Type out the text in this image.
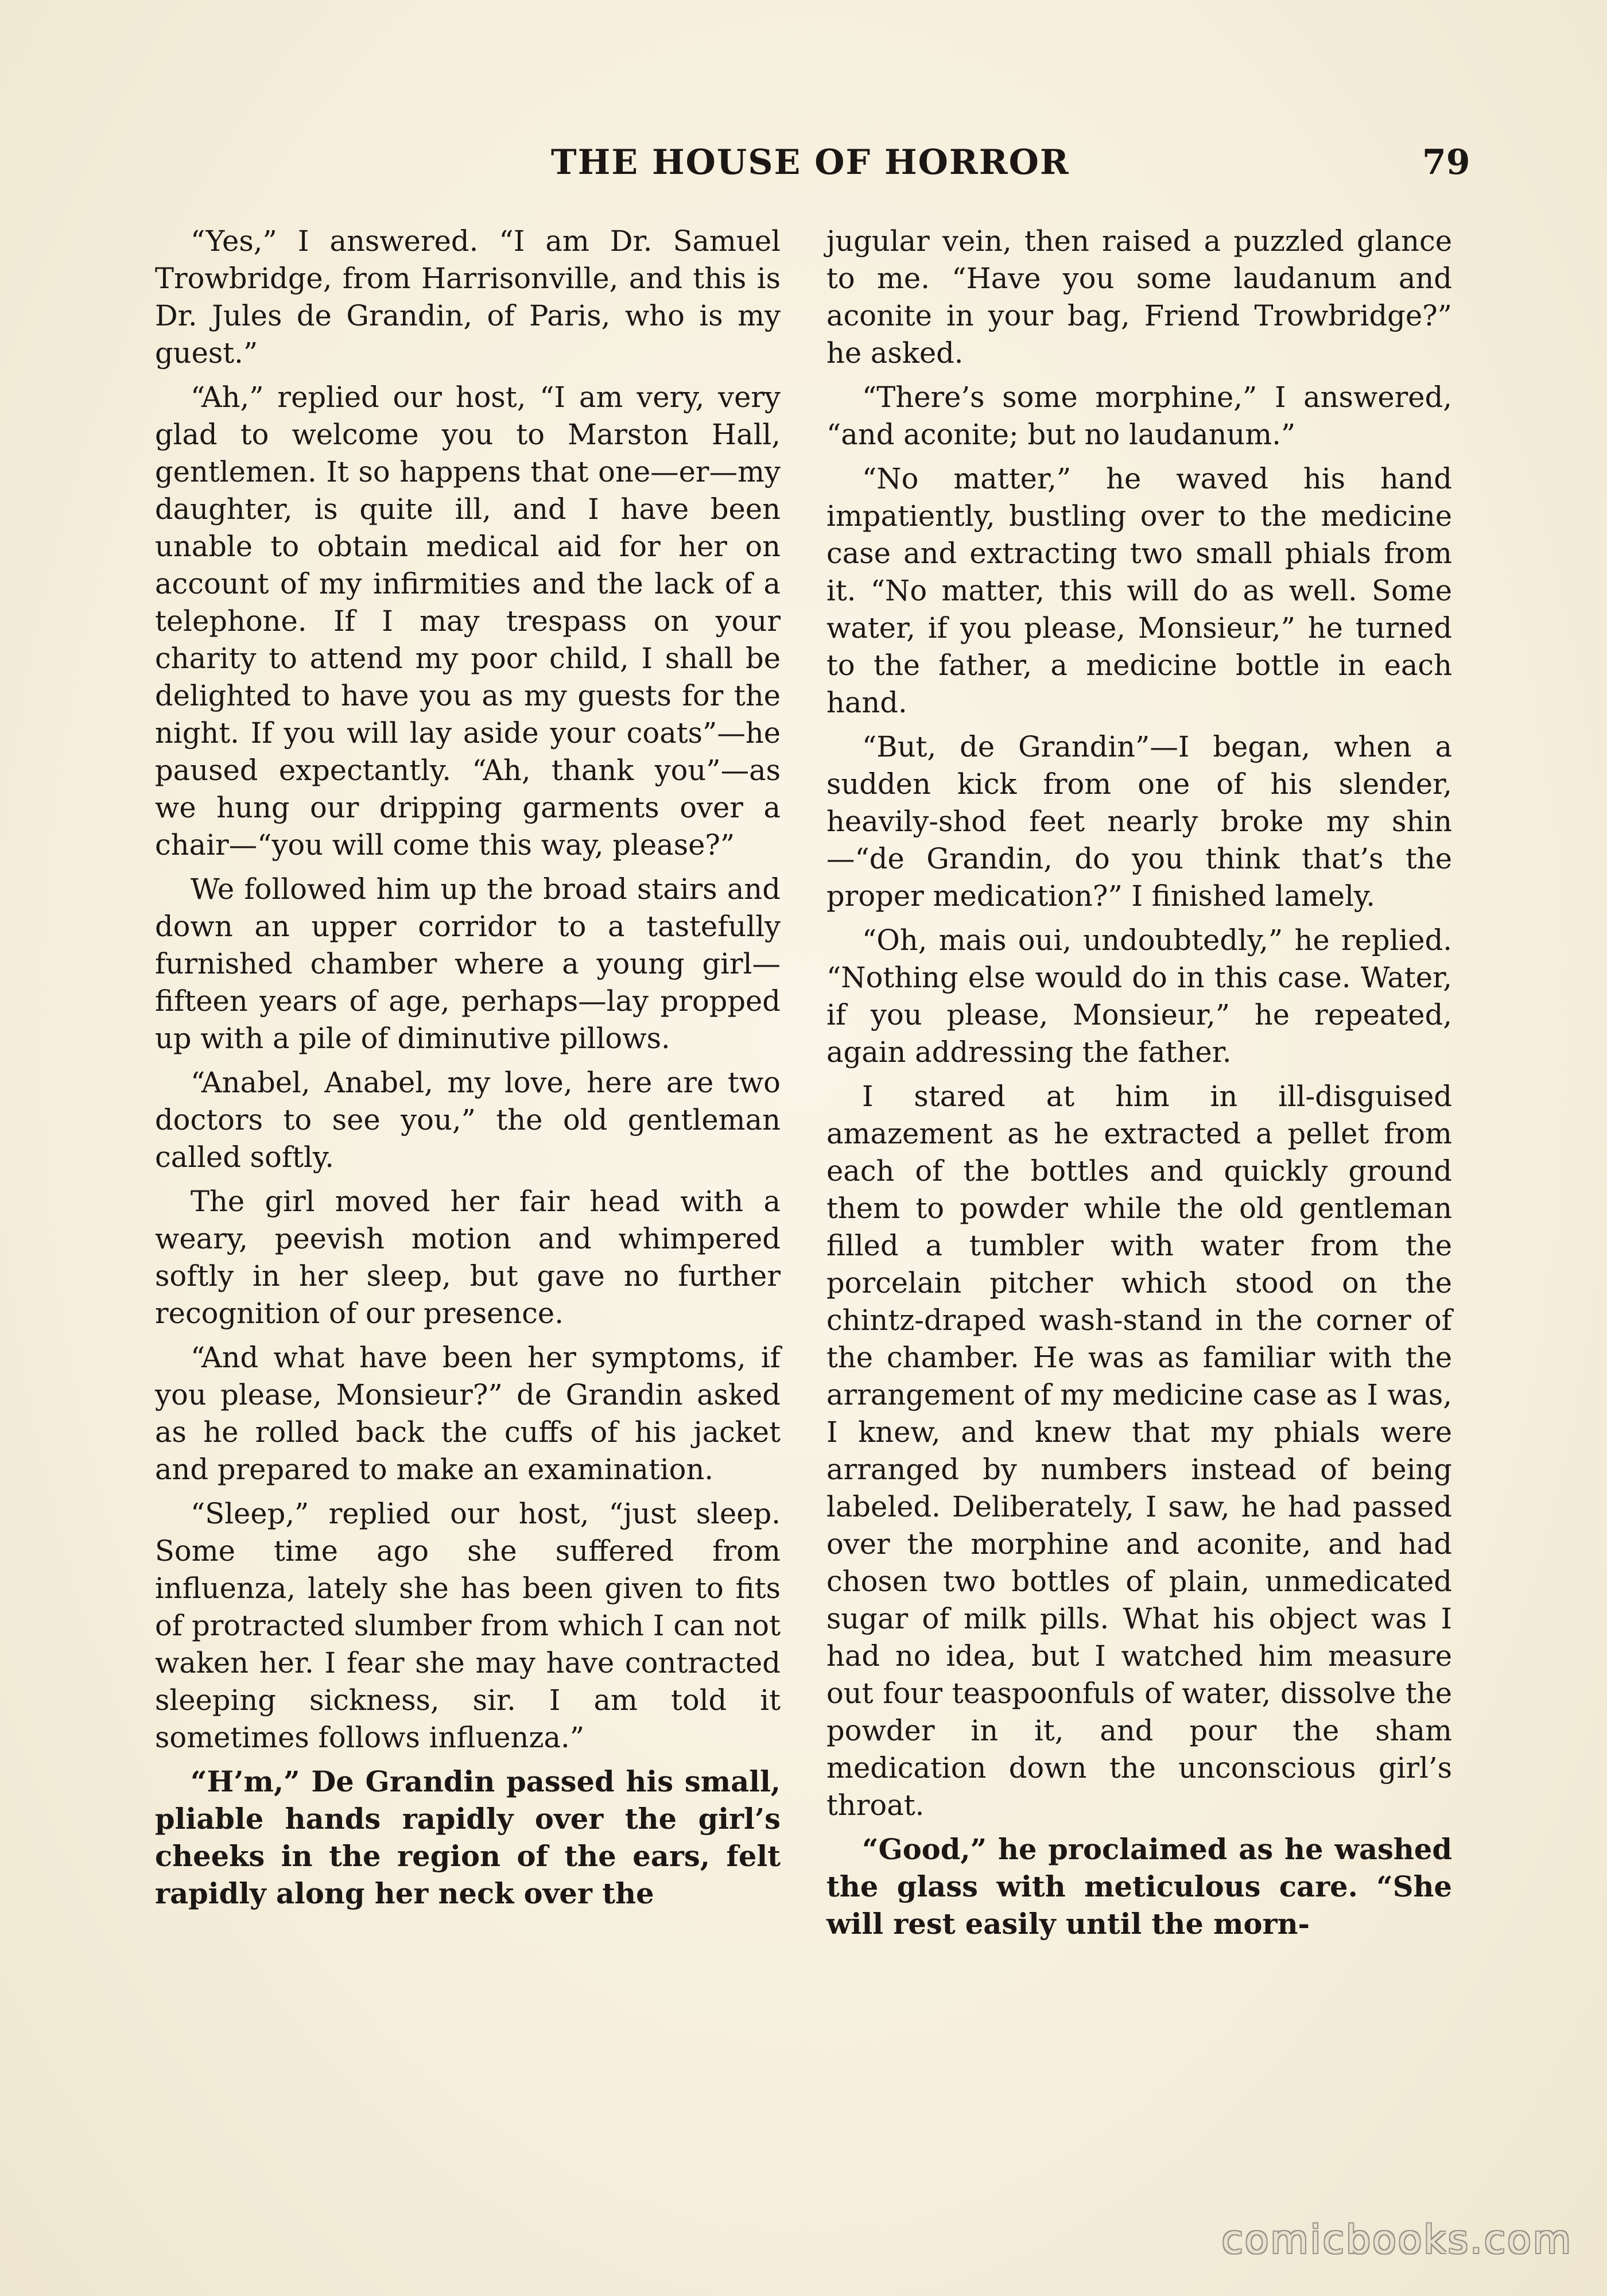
THE HOUSE OF HORROR	79

“Yes,” I answered. “I am Dr. Samuel Trowbridge, from Harrisonville, and this is Dr. Jules de Grandin, of Paris, who is my guest.”

“Ah,” replied our host, “I am very, very glad to welcome you to Marston Hall, gentlemen. It so happens that one—er—my daughter, is quite ill, and I have been unable to obtain medical aid for her on account of my infirmities and the lack of a telephone. If I may trespass on your charity to attend my poor child, I shall be delighted to have you as my guests for the night. If you will lay aside your coats”—he paused expectantly. “Ah, thank you”—as we hung our dripping garments over a chair—“you will come this way, please?”

We followed him up the broad stairs and down an upper corridor to a tastefully furnished chamber where a young girl—fifteen years of age, perhaps—lay propped up with a pile of diminutive pillows.

“Anabel, Anabel, my love, here are two doctors to see you,” the old gentleman called softly.

The girl moved her fair head with a weary, peevish motion and whimpered softly in her sleep, but gave no further recognition of our presence.

“And what have been her symptoms, if you please, Monsieur?” de Grandin asked as he rolled back the cuffs of his jacket and prepared to make an examination.

“Sleep,” replied our host, “just sleep. Some time ago she suffered from influenza, lately she has been given to fits of protracted slumber from which I can not waken her. I fear she may have contracted sleeping sickness, sir. I am told it sometimes follows influenza.”

“H’m,” De Grandin passed his small, pliable hands rapidly over the girl’s cheeks in the region of the ears, felt rapidly along her neck over the

jugular vein, then raised a puzzled glance to me. “Have you some laudanum and aconite in your bag, Friend Trowbridge?” he asked.

“There’s some morphine,” I answered, “and aconite; but no laudanum.”

“No matter,” he waved his hand impatiently, bustling over to the medicine case and extracting two small phials from it. “No matter, this will do as well. Some water, if you please, Monsieur,” he turned to the father, a medicine bottle in each hand.

“But, de Grandin”—I began, when a sudden kick from one of his slender, heavily-shod feet nearly broke my shin—“de Grandin, do you think that’s the proper medication?” I finished lamely.

“Oh, mais oui, undoubtedly,” he replied. “Nothing else would do in this case. Water, if you please, Monsieur,” he repeated, again addressing the father.

I stared at him in ill-disguised amazement as he extracted a pellet from each of the bottles and quickly ground them to powder while the old gentleman filled a tumbler with water from the porcelain pitcher which stood on the chintz-draped wash-stand in the corner of the chamber. He was as familiar with the arrangement of my medicine case as I was, I knew, and knew that my phials were arranged by numbers instead of being labeled. Deliberately, I saw, he had passed over the morphine and aconite, and had chosen two bottles of plain, unmedicated sugar of milk pills. What his object was I had no idea, but I watched him measure out four teaspoonfuls of water, dissolve the powder in it, and pour the sham medication down the unconscious girl’s throat.

“Good,” he proclaimed as he washed the glass with meticulous care. “She will rest easily until the morn-

comicbooks.com
